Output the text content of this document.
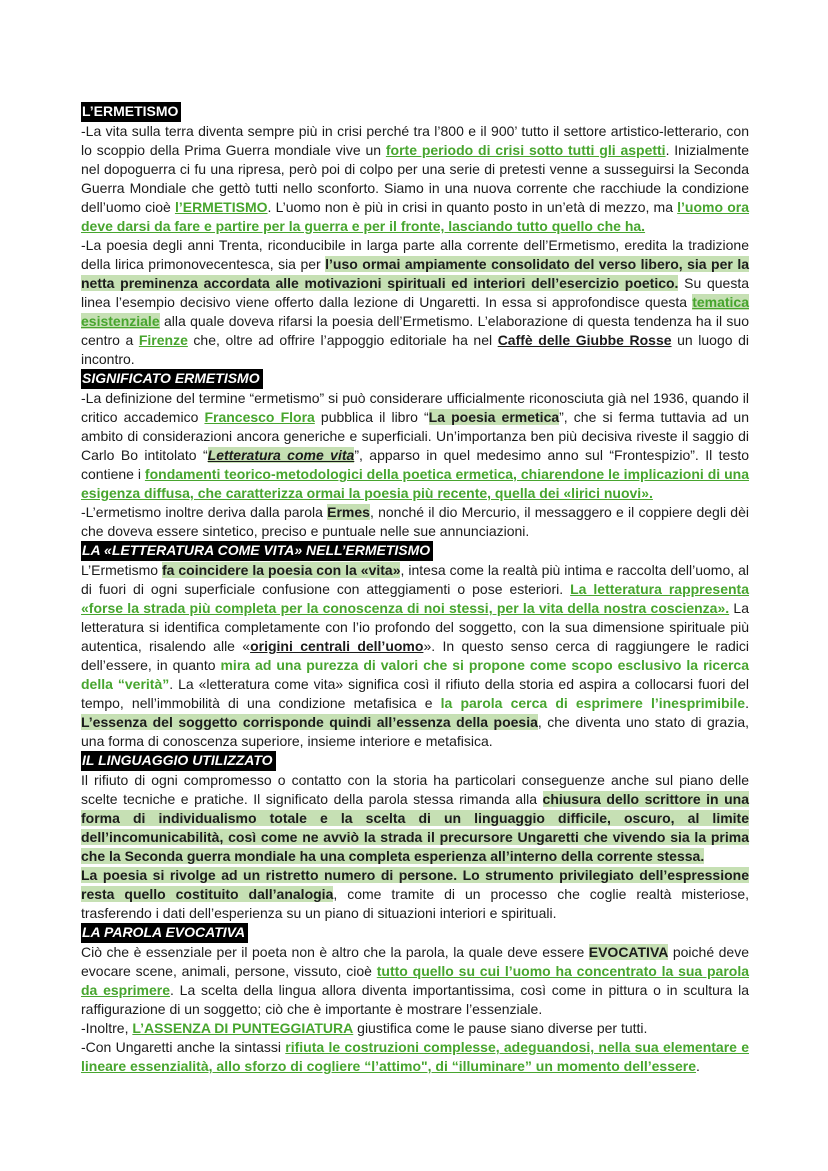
L’ERMETISMO

-La vita sulla terra diventa sempre più in crisi perché tra l’800 e il 900’ tutto il settore artistico-letterario, con lo scoppio della Prima Guerra mondiale vive un forte periodo di crisi sotto tutti gli aspetti. Inizialmente nel dopoguerra ci fu una ripresa, però poi di colpo per una serie di pretesti venne a susseguirsi la Seconda Guerra Mondiale che gettò tutti nello sconforto. Siamo in una nuova corrente che racchiude la condizione dell’uomo cioè l’ERMETISMO. L’uomo non è più in crisi in quanto posto in un’età di mezzo, ma l’uomo ora deve darsi da fare e partire per la guerra e per il fronte, lasciando tutto quello che ha.

-La poesia degli anni Trenta, riconducibile in larga parte alla corrente dell’Ermetismo, eredita la tradizione della lirica primonovecentesca, sia per l’uso ormai ampiamente consolidato del verso libero, sia per la netta preminenza accordata alle motivazioni spirituali ed interiori dell’esercizio poetico. Su questa linea l’esempio decisivo viene offerto dalla lezione di Ungaretti. In essa si approfondisce questa tematica esistenziale alla quale doveva rifarsi la poesia dell’Ermetismo. L’elaborazione di questa tendenza ha il suo centro a Firenze che, oltre ad offrire l’appoggio editoriale ha nel Caffè delle Giubbe Rosse un luogo di incontro.

SIGNIFICATO ERMETISMO

-La definizione del termine “ermetismo” si può considerare ufficialmente riconosciuta già nel 1936, quando il critico accademico Francesco Flora pubblica il libro “La poesia ermetica”, che si ferma tuttavia ad un ambito di considerazioni ancora generiche e superficiali. Un’importanza ben più decisiva riveste il saggio di Carlo Bo intitolato “Letteratura come vita”, apparso in quel medesimo anno sul “Frontespizio”. Il testo contiene i fondamenti teorico-metodologici della poetica ermetica, chiarendone le implicazioni di una esigenza diffusa, che caratterizza ormai la poesia più recente, quella dei «lirici nuovi».

-L’ermetismo inoltre deriva dalla parola Ermes, nonché il dio Mercurio, il messaggero e il coppiere degli dèi che doveva essere sintetico, preciso e puntuale nelle sue annunciazioni.

LA «LETTERATURA COME VITA» NELL’ERMETISMO

L’Ermetismo fa coincidere la poesia con la «vita», intesa come la realtà più intima e raccolta dell’uomo, al di fuori di ogni superficiale confusione con atteggiamenti o pose esteriori. La letteratura rappresenta «forse la strada più completa per la conoscenza di noi stessi, per la vita della nostra coscienza». La letteratura si identifica completamente con l’io profondo del soggetto, con la sua dimensione spirituale più autentica, risalendo alle «origini centrali dell’uomo». In questo senso cerca di raggiungere le radici dell’essere, in quanto mira ad una purezza di valori che si propone come scopo esclusivo la ricerca della “verità”. La «letteratura come vita» significa così il rifiuto della storia ed aspira a collocarsi fuori del tempo, nell’immobilità di una condizione metafisica e la parola cerca di esprimere l’inesprimibile. L’essenza del soggetto corrisponde quindi all’essenza della poesia, che diventa uno stato di grazia, una forma di conoscenza superiore, insieme interiore e metafisica.

IL LINGUAGGIO UTILIZZATO

Il rifiuto di ogni compromesso o contatto con la storia ha particolari conseguenze anche sul piano delle scelte tecniche e pratiche. Il significato della parola stessa rimanda alla chiusura dello scrittore in una forma di individualismo totale e la scelta di un linguaggio difficile, oscuro, al limite dell’incomunicabilità, così come ne avviò la strada il precursore Ungaretti che vivendo sia la prima che la Seconda guerra mondiale ha una completa esperienza all’interno della corrente stessa.

La poesia si rivolge ad un ristretto numero di persone. Lo strumento privilegiato dell’espressione resta quello costituito dall’analogia, come tramite di un processo che coglie realtà misteriose, trasferendo i dati dell’esperienza su un piano di situazioni interiori e spirituali.

LA PAROLA EVOCATIVA

Ciò che è essenziale per il poeta non è altro che la parola, la quale deve essere EVOCATIVA poiché deve evocare scene, animali, persone, vissuto, cioè tutto quello su cui l’uomo ha concentrato la sua parola da esprimere. La scelta della lingua allora diventa importantissima, così come in pittura o in scultura la raffigurazione di un soggetto; ciò che è importante è mostrare l’essenziale.

-Inoltre, L’ASSENZA DI PUNTEGGIATURA giustifica come le pause siano diverse per tutti.

-Con Ungaretti anche la sintassi rifiuta le costruzioni complesse, adeguandosi, nella sua elementare e lineare essenzialità, allo sforzo di cogliere “l’attimo", di “illuminare” un momento dell’essere.
